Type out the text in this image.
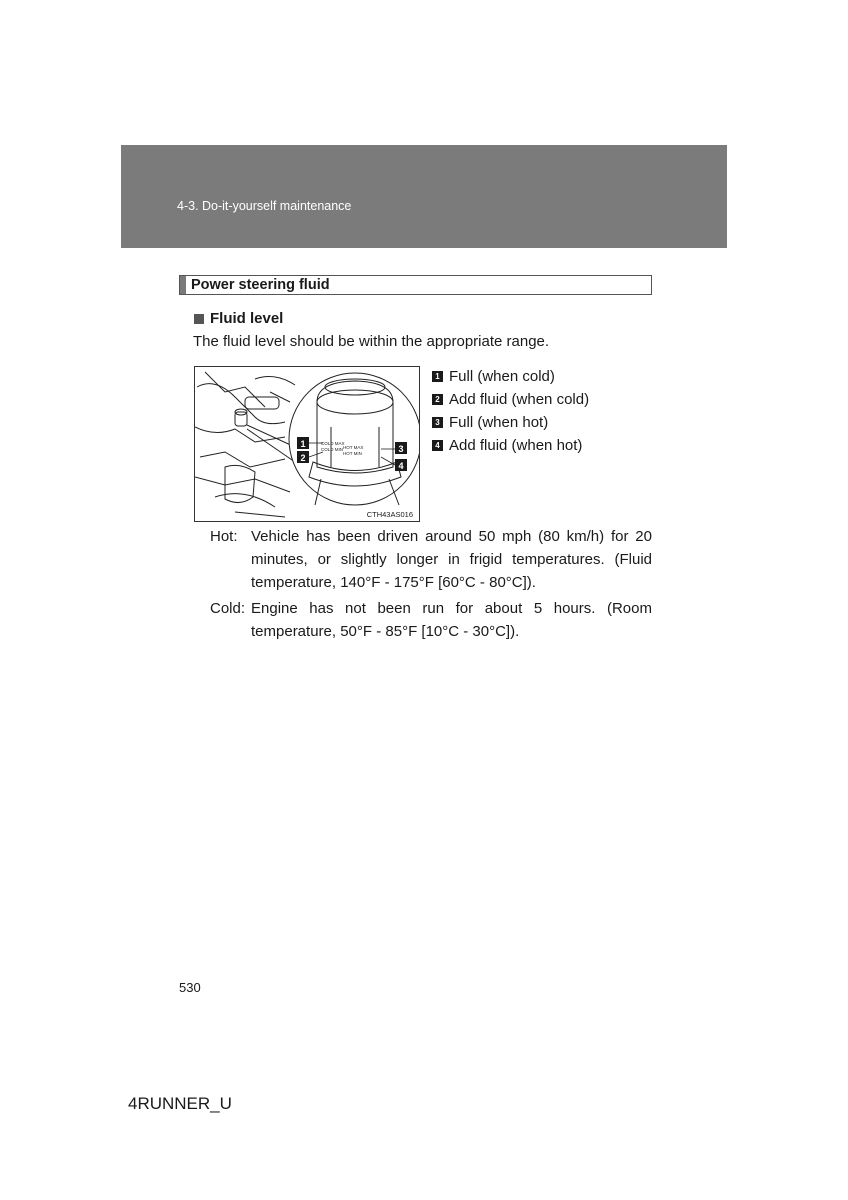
4-3. Do-it-yourself maintenance
Power steering fluid
Fluid level
The fluid level should be within the appropriate range.
COLD MAX
COLD MIN HOT MAX
HOT MIN
1
2
3
4
CTH43AS016
1 Full (when cold)
2 Add fluid (when cold)
3 Full (when hot)
4 Add fluid (when hot)
Hot: Vehicle has been driven around 50 mph (80 km/h) for 20 minutes, or slightly longer in frigid temperatures. (Fluid temperature, 140°F - 175°F [60°C - 80°C]).
Cold: Engine has not been run for about 5 hours. (Room temperature, 50°F - 85°F [10°C - 30°C]).
530
4RUNNER_U
